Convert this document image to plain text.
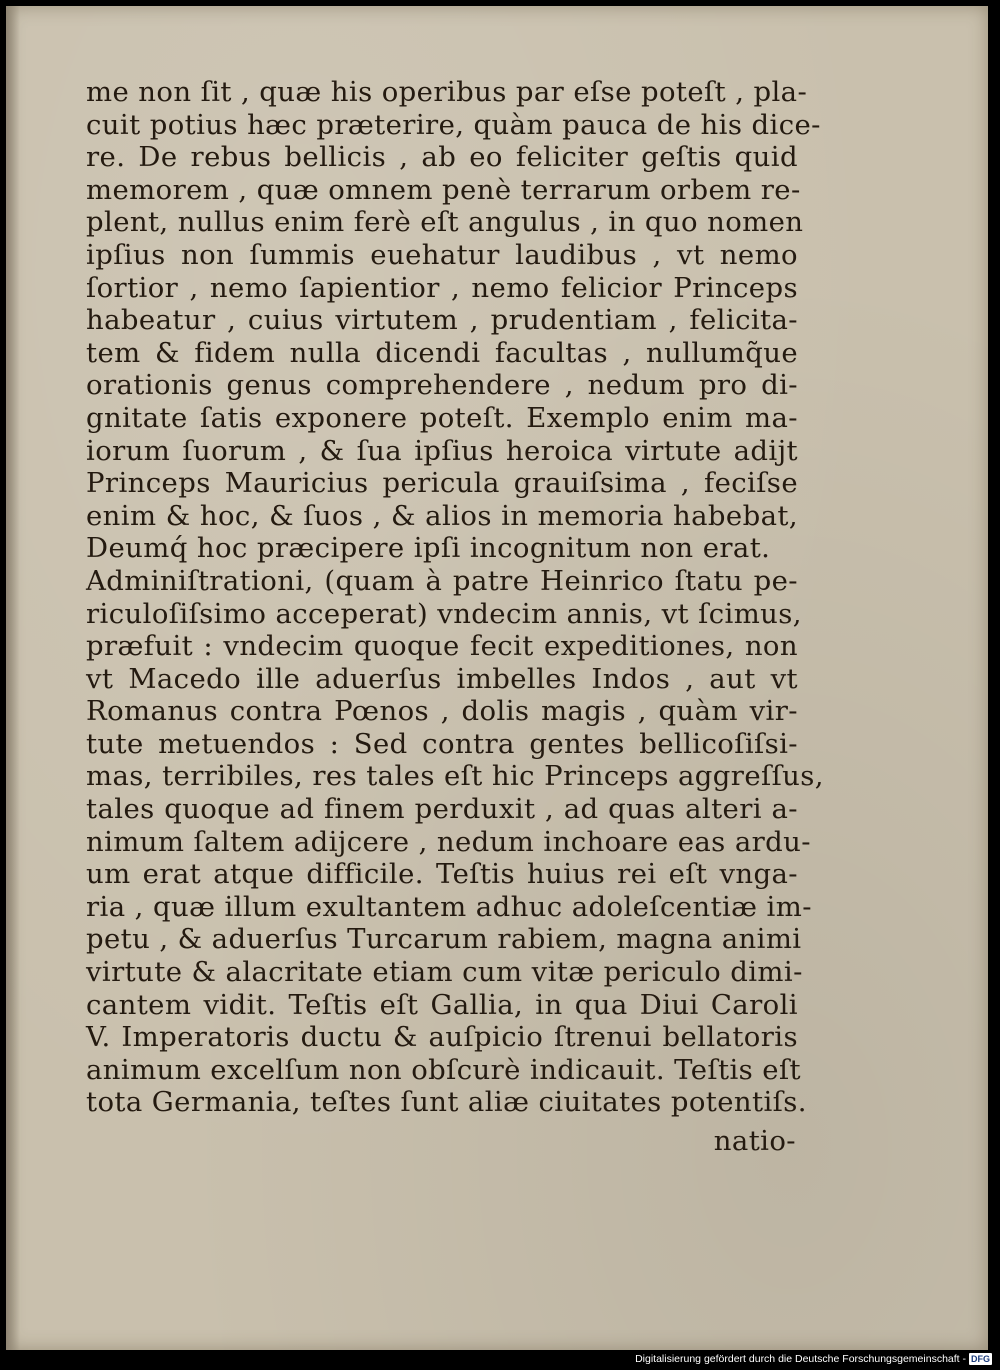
me non ſit , quæ his operibus par eſse poteſt , pla-
cuit potius hæc præterire, quàm pauca de his dice-
re. De rebus bellicis , ab eo feliciter geſtis quid
memorem , quæ omnem penè terrarum orbem re-
plent, nullus enim ferè eſt angulus , in quo nomen
ipſius non ſummis euehatur laudibus , vt nemo
ſortior , nemo ſapientior , nemo felicior Princeps
habeatur , cuius virtutem , prudentiam , felicita-
tem & fidem nulla dicendi facultas , nullumq̃ue
orationis genus comprehendere , nedum pro di-
gnitate ſatis exponere poteſt. Exemplo enim ma-
iorum ſuorum , & ſua ipſius heroica virtute adijt
Princeps Mauricius pericula grauiſsima , feciſse
enim & hoc, & ſuos , & alios in memoria habebat,
Deumq́ hoc præcipere ipſi incognitum non erat.
Adminiſtrationi, (quam à patre Heinrico ſtatu pe-
riculoſiſsimo acceperat) vndecim annis, vt ſcimus,
præfuit : vndecim quoque fecit expeditiones, non
vt Macedo ille aduerſus imbelles Indos , aut vt
Romanus contra Pœnos , dolis magis , quàm vir-
tute metuendos : Sed contra gentes bellicoſiſsi-
mas, terribiles, res tales eſt hic Princeps aggreſſus,
tales quoque ad finem perduxit , ad quas alteri a-
nimum ſaltem adijcere , nedum inchoare eas ardu-
um erat atque difficile. Teſtis huius rei eſt vnga-
ria , quæ illum exultantem adhuc adoleſcentiæ im-
petu , & aduerſus Turcarum rabiem, magna animi
virtute & alacritate etiam cum vitæ periculo dimi-
cantem vidit. Teſtis eſt Gallia, in qua Diui Caroli
V. Imperatoris ductu & auſpicio ſtrenui bellatoris
animum excelſum non obſcurè indicauit. Teſtis eſt
tota Germania, teſtes ſunt aliæ ciuitates potentiſs.
natio-
Digitalisierung gefördert durch die Deutsche Forschungsgemeinschaft - DFG
